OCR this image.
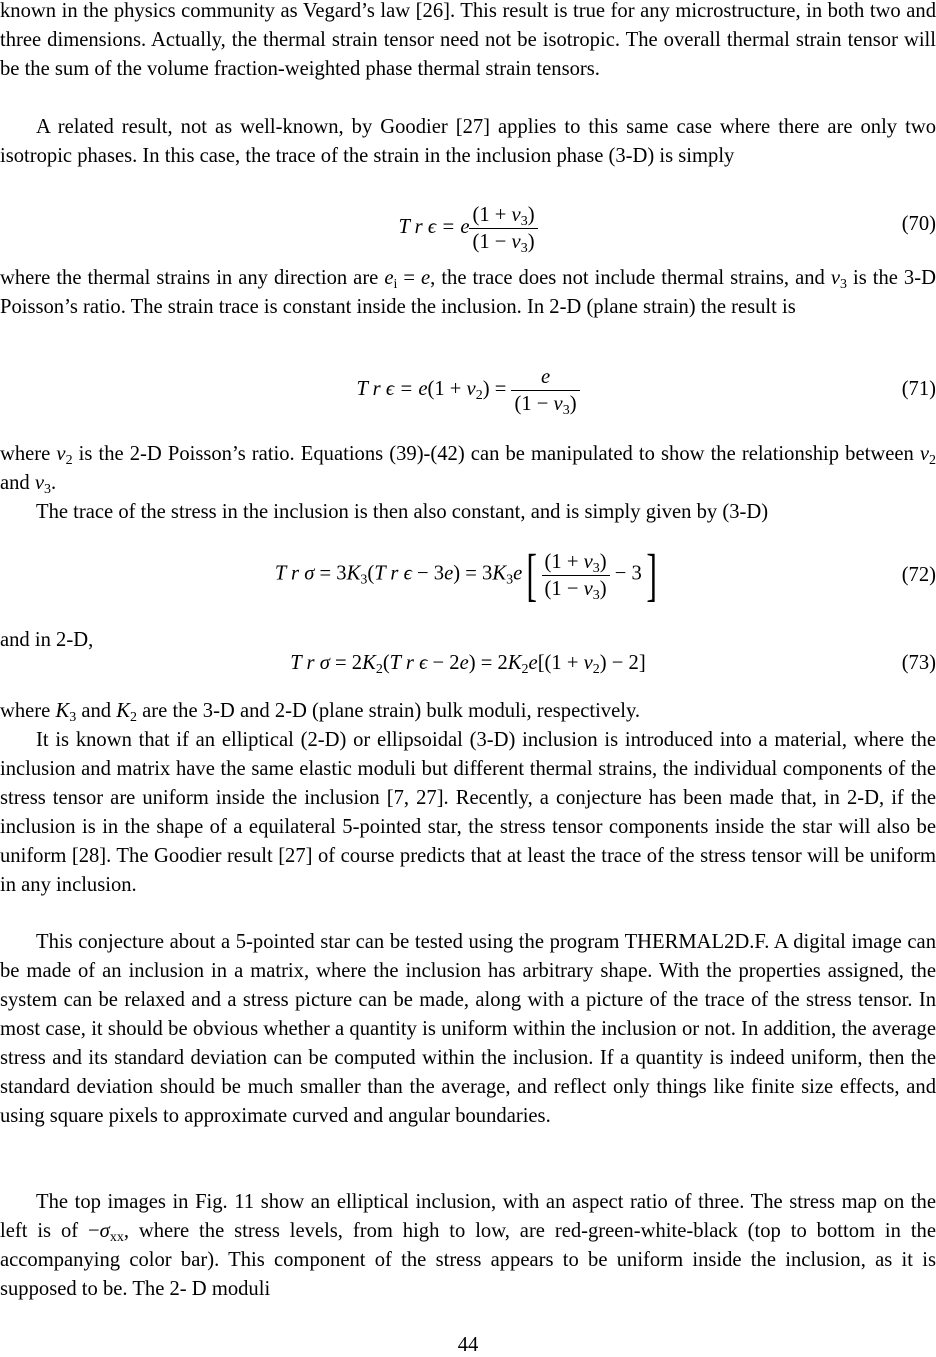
known in the physics community as Vegard’s law [26]. This result is true for any microstructure, in both two and three dimensions. Actually, the thermal strain tensor need not be isotropic. The overall thermal strain tensor will be the sum of the volume fraction-weighted phase thermal strain tensors.

A related result, not as well-known, by Goodier [27] applies to this same case where there are only two isotropic phases. In this case, the trace of the strain in the inclusion phase (3-D) is simply

T r ϵ = e $\frac{(1 + \nu_3)}{(1 - \nu_3)}$	(70)

where the thermal strains in any direction are $e_i = e$, the trace does not include thermal strains, and $\nu_3$ is the 3-D Poisson’s ratio. The strain trace is constant inside the inclusion. In 2-D (plane strain) the result is

T r $\epsilon = e(1 + \nu_2) = \frac{e}{(1 - \nu_3)}$	(71)

where $\nu_2$ is the 2-D Poisson’s ratio. Equations (39)-(42) can be manipulated to show the relationship between $\nu_2$ and $\nu_3$.

The trace of the stress in the inclusion is then also constant, and is simply given by (3-D)

T r $\sigma = 3K_3(T$ r $\epsilon - 3e) = 3K_3e[ \frac{(1 + \nu_3)}{(1 - \nu_3)} - 3]$	(72)

and in 2-D,

T r $\sigma = 2K_2(T$ r $\epsilon - 2e) = 2K_2e[(1 + \nu_2) - 2]$	(73)

where $K_3$ and $K_2$ are the 3-D and 2-D (plane strain) bulk moduli, respectively.

It is known that if an elliptical (2-D) or ellipsoidal (3-D) inclusion is introduced into a material, where the inclusion and matrix have the same elastic moduli but different thermal strains, the individual components of the stress tensor are uniform inside the inclusion [7, 27]. Recently, a conjecture has been made that, in 2-D, if the inclusion is in the shape of a equilateral 5-pointed star, the stress tensor components inside the star will also be uniform [28]. The Goodier result [27] of course predicts that at least the trace of the stress tensor will be uniform in any inclusion.

This conjecture about a 5-pointed star can be tested using the program THERMAL2D.F. A digital image can be made of an inclusion in a matrix, where the inclusion has arbitrary shape. With the properties assigned, the system can be relaxed and a stress picture can be made, along with a picture of the trace of the stress tensor. In most case, it should be obvious whether a quantity is uniform within the inclusion or not. In addition, the average stress and its standard deviation can be computed within the inclusion. If a quantity is indeed uniform, then the standard deviation should be much smaller than the average, and reflect only things like finite size effects, and using square pixels to approximate curved and angular boundaries.

The top images in Fig. 11 show an elliptical inclusion, with an aspect ratio of three. The stress map on the left is of $-\sigma_{xx}$, where the stress levels, from high to low, are red-green-white-black (top to bottom in the accompanying color bar). This component of the stress appears to be uniform inside the inclusion, as it is supposed to be. The 2- D moduli

44
